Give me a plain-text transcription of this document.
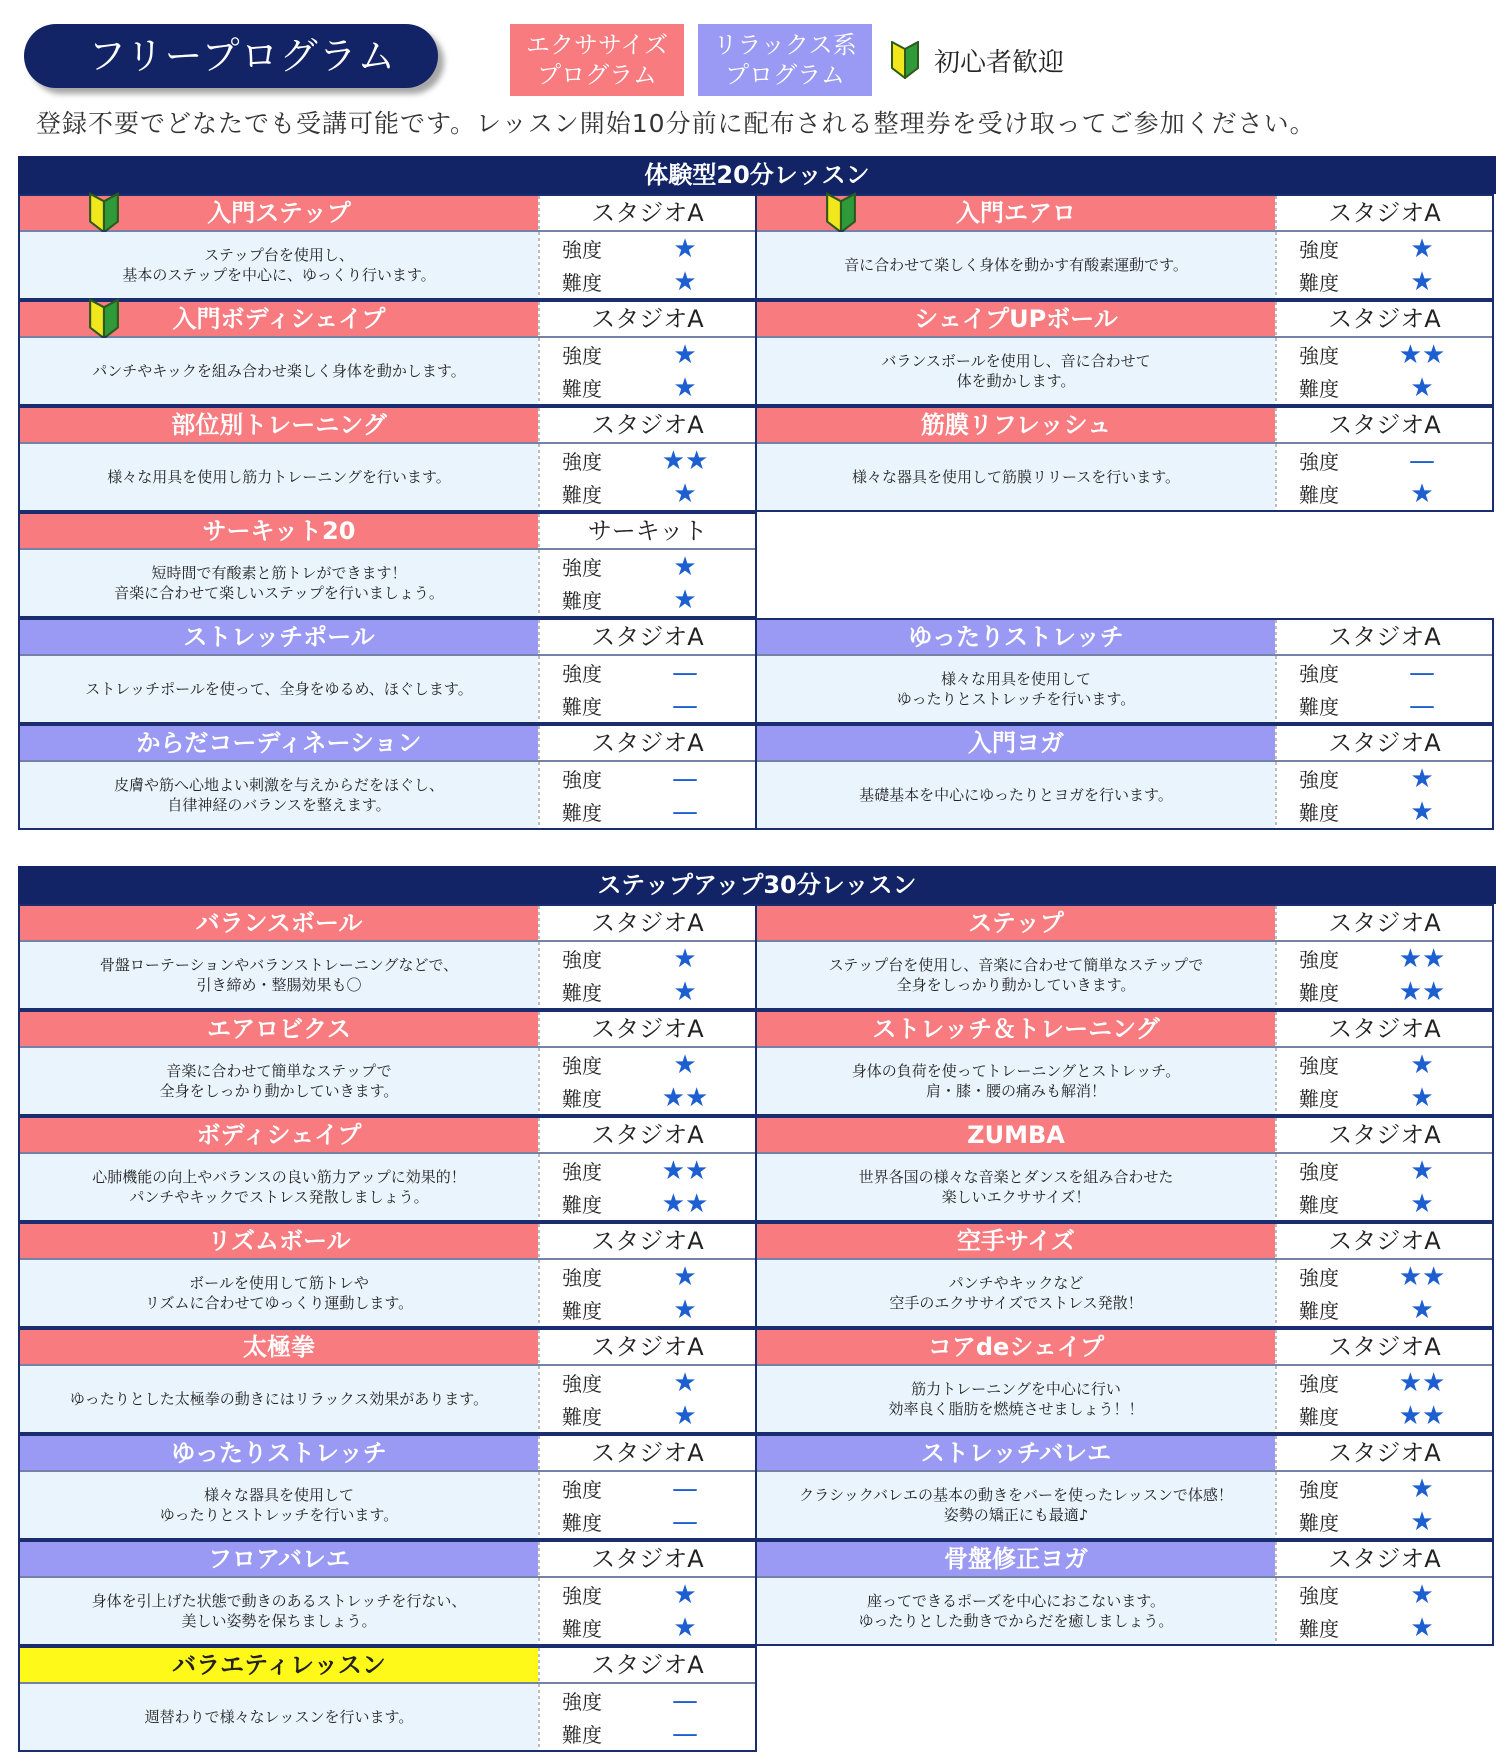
フリープログラム	エクササイズ
プログラム
リラックス系
プログラム	初心者歓迎
登録不要でどなたでも受講可能です。レッスン開始10分前に配布される整理券を受け取ってご参加ください。
体験型20分レッスン
入門ステップ	スタジオA
ステップ台を使用し、
基本のステップを中心に、ゆっくり行います。
強度	★
難度	★
入門エアロ	スタジオA
音に合わせて楽しく身体を動かす有酸素運動です。
強度	★
難度	★
入門ボディシェイプ	スタジオA
パンチやキックを組み合わせ楽しく身体を動かします。
強度	★
難度	★
シェイプUPボール	スタジオA
バランスボールを使用し、音に合わせて
体を動かします。
強度	★★
難度	★
部位別トレーニング	スタジオA
様々な用具を使用し筋力トレーニングを行います。
強度	★★
難度	★
筋膜リフレッシュ	スタジオA
様々な器具を使用して筋膜リリースを行います。
強度	—
難度	★
サーキット20	サーキット
短時間で有酸素と筋トレができます！
音楽に合わせて楽しいステップを行いましょう。
強度	★
難度	★
ストレッチポール	スタジオA
ストレッチポールを使って、全身をゆるめ、ほぐします。
強度	—
難度	—
ゆったりストレッチ	スタジオA
様々な用具を使用して
ゆったりとストレッチを行います。
強度	—
難度	—
からだコーディネーション	スタジオA
皮膚や筋へ心地よい刺激を与えからだをほぐし、
自律神経のバランスを整えます。
強度	—
難度	—
入門ヨガ	スタジオA
基礎基本を中心にゆったりとヨガを行います。
強度	★
難度	★
ステップアップ30分レッスン
バランスボール	スタジオA
骨盤ローテーションやバランストレーニングなどで、
引き締め・整腸効果も〇
強度	★
難度	★
ステップ	スタジオA
ステップ台を使用し、音楽に合わせて簡単なステップで
全身をしっかり動かしていきます。
強度	★★
難度	★★
エアロビクス	スタジオA
音楽に合わせて簡単なステップで
全身をしっかり動かしていきます。
強度	★
難度	★★
ストレッチ＆トレーニング	スタジオA
身体の負荷を使ってトレーニングとストレッチ。
肩・膝・腰の痛みも解消！
強度	★
難度	★
ボディシェイプ	スタジオA
心肺機能の向上やバランスの良い筋力アップに効果的！
パンチやキックでストレス発散しましょう。
強度	★★
難度	★★
ZUMBA	スタジオA
世界各国の様々な音楽とダンスを組み合わせた
楽しいエクササイズ！
強度	★
難度	★
リズムボール	スタジオA
ボールを使用して筋トレや
リズムに合わせてゆっくり運動します。
強度	★
難度	★
空手サイズ	スタジオA
パンチやキックなど
空手のエクササイズでストレス発散！
強度	★★
難度	★
太極拳	スタジオA
ゆったりとした太極拳の動きにはリラックス効果があります。
強度	★
難度	★
コアdeシェイプ	スタジオA
筋力トレーニングを中心に行い
効率良く脂肪を燃焼させましょう！！
強度	★★
難度	★★
ゆったりストレッチ	スタジオA
様々な器具を使用して
ゆったりとストレッチを行います。
強度	—
難度	—
ストレッチバレエ	スタジオA
クラシックバレエの基本の動きをバーを使ったレッスンで体感！
姿勢の矯正にも最適♪
強度	★
難度	★
フロアバレエ	スタジオA
身体を引上げた状態で動きのあるストレッチを行ない、
美しい姿勢を保ちましょう。
強度	★
難度	★
骨盤修正ヨガ	スタジオA
座ってできるポーズを中心におこないます。
ゆったりとした動きでからだを癒しましょう。
強度	★
難度	★
バラエティレッスン	スタジオA
週替わりで様々なレッスンを行います。
強度	—
難度	—
